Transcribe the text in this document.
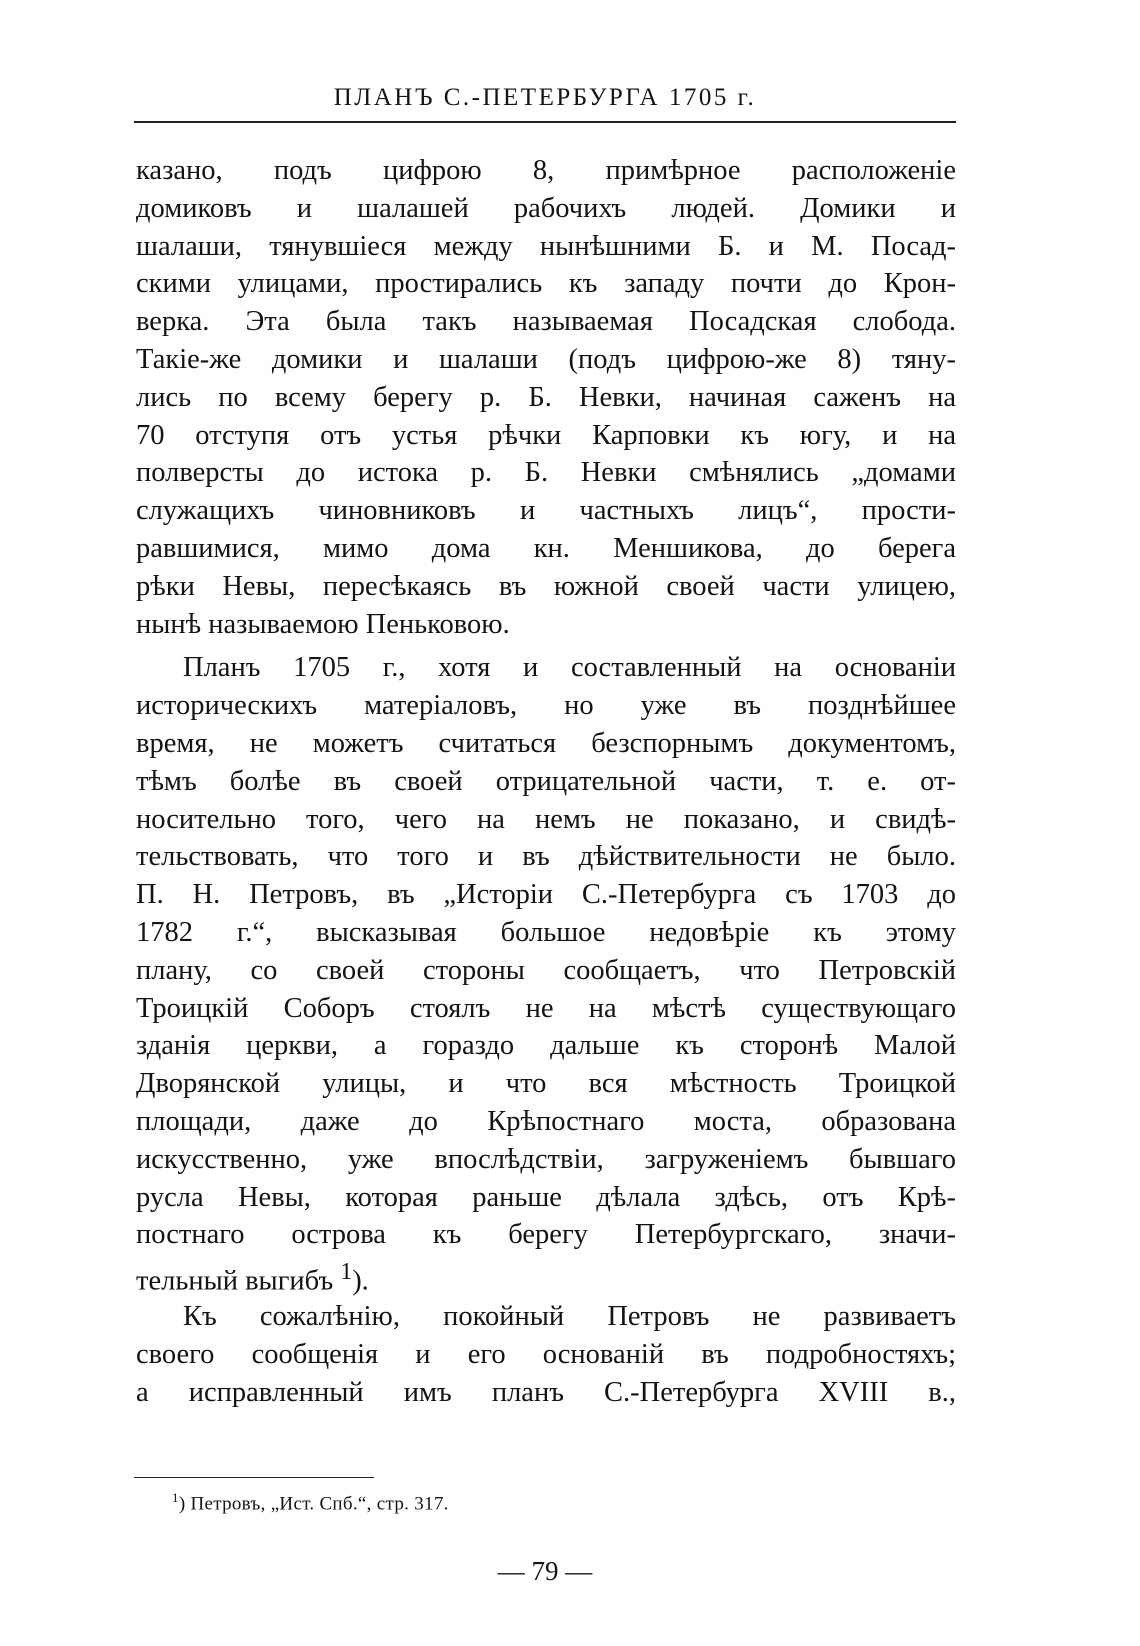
ПЛАНЪ С.-ПЕТЕРБУРГА 1705 г.
казано, подъ цифрою 8, примѣрное расположенiе
домиковъ и шалашей рабочихъ людей. Домики и
шалаши, тянувшiеся между нынѣшними Б. и М. Посад-
скими улицами, простирались къ западу почти до Крон-
верка. Эта была такъ называемая Посадская слобода.
Такiе-же домики и шалаши (подъ цифрою-же 8) тяну-
лись по всему берегу р. Б. Невки, начиная саженъ на
70 отступя отъ устья рѣчки Карповки къ югу, и на
полверсты до истока р. Б. Невки смѣнялись „домами
служащихъ чиновниковъ и частныхъ лицъ“, прости-
равшимися, мимо дома кн. Меншикова, до берега
рѣки Невы, пересѣкаясь въ южной своей части улицею,
нынѣ называемою Пеньковою.
Планъ 1705 г., хотя и составленный на основанiи
историческихъ матерiаловъ, но уже въ позднѣйшее
время, не можетъ считаться безспорнымъ документомъ,
тѣмъ болѣе въ своей отрицательной части, т. е. от-
носительно того, чего на немъ не показано, и свидѣ-
тельствовать, что того и въ дѣйствительности не было.
П. Н. Петровъ, въ „Исторiи С.-Петербурга съ 1703 до
1782 г.“, высказывая большое недовѣрiе къ этому
плану, со своей стороны сообщаетъ, что Петровскiй
Троицкiй Соборъ стоялъ не на мѣстѣ существующаго
зданiя церкви, а гораздо дальше къ сторонѣ Малой
Дворянской улицы, и что вся мѣстность Троицкой
площади, даже до Крѣпостнаго моста, образована
искусственно, уже впослѣдствiи, загруженiемъ бывшаго
русла Невы, которая раньше дѣлала здѣсь, отъ Крѣ-
постнаго острова къ берегу Петербургскаго, значи-
тельный выгибъ $^1$).
Къ сожалѣнiю, покойный Петровъ не развиваетъ
своего сообщенiя и его основанiй въ подробностяхъ;
а исправленный имъ планъ С.-Петербурга XVIII в.,
$^1$) Петровъ, „Ист. Спб.“, стр. 317.
— 79 —
